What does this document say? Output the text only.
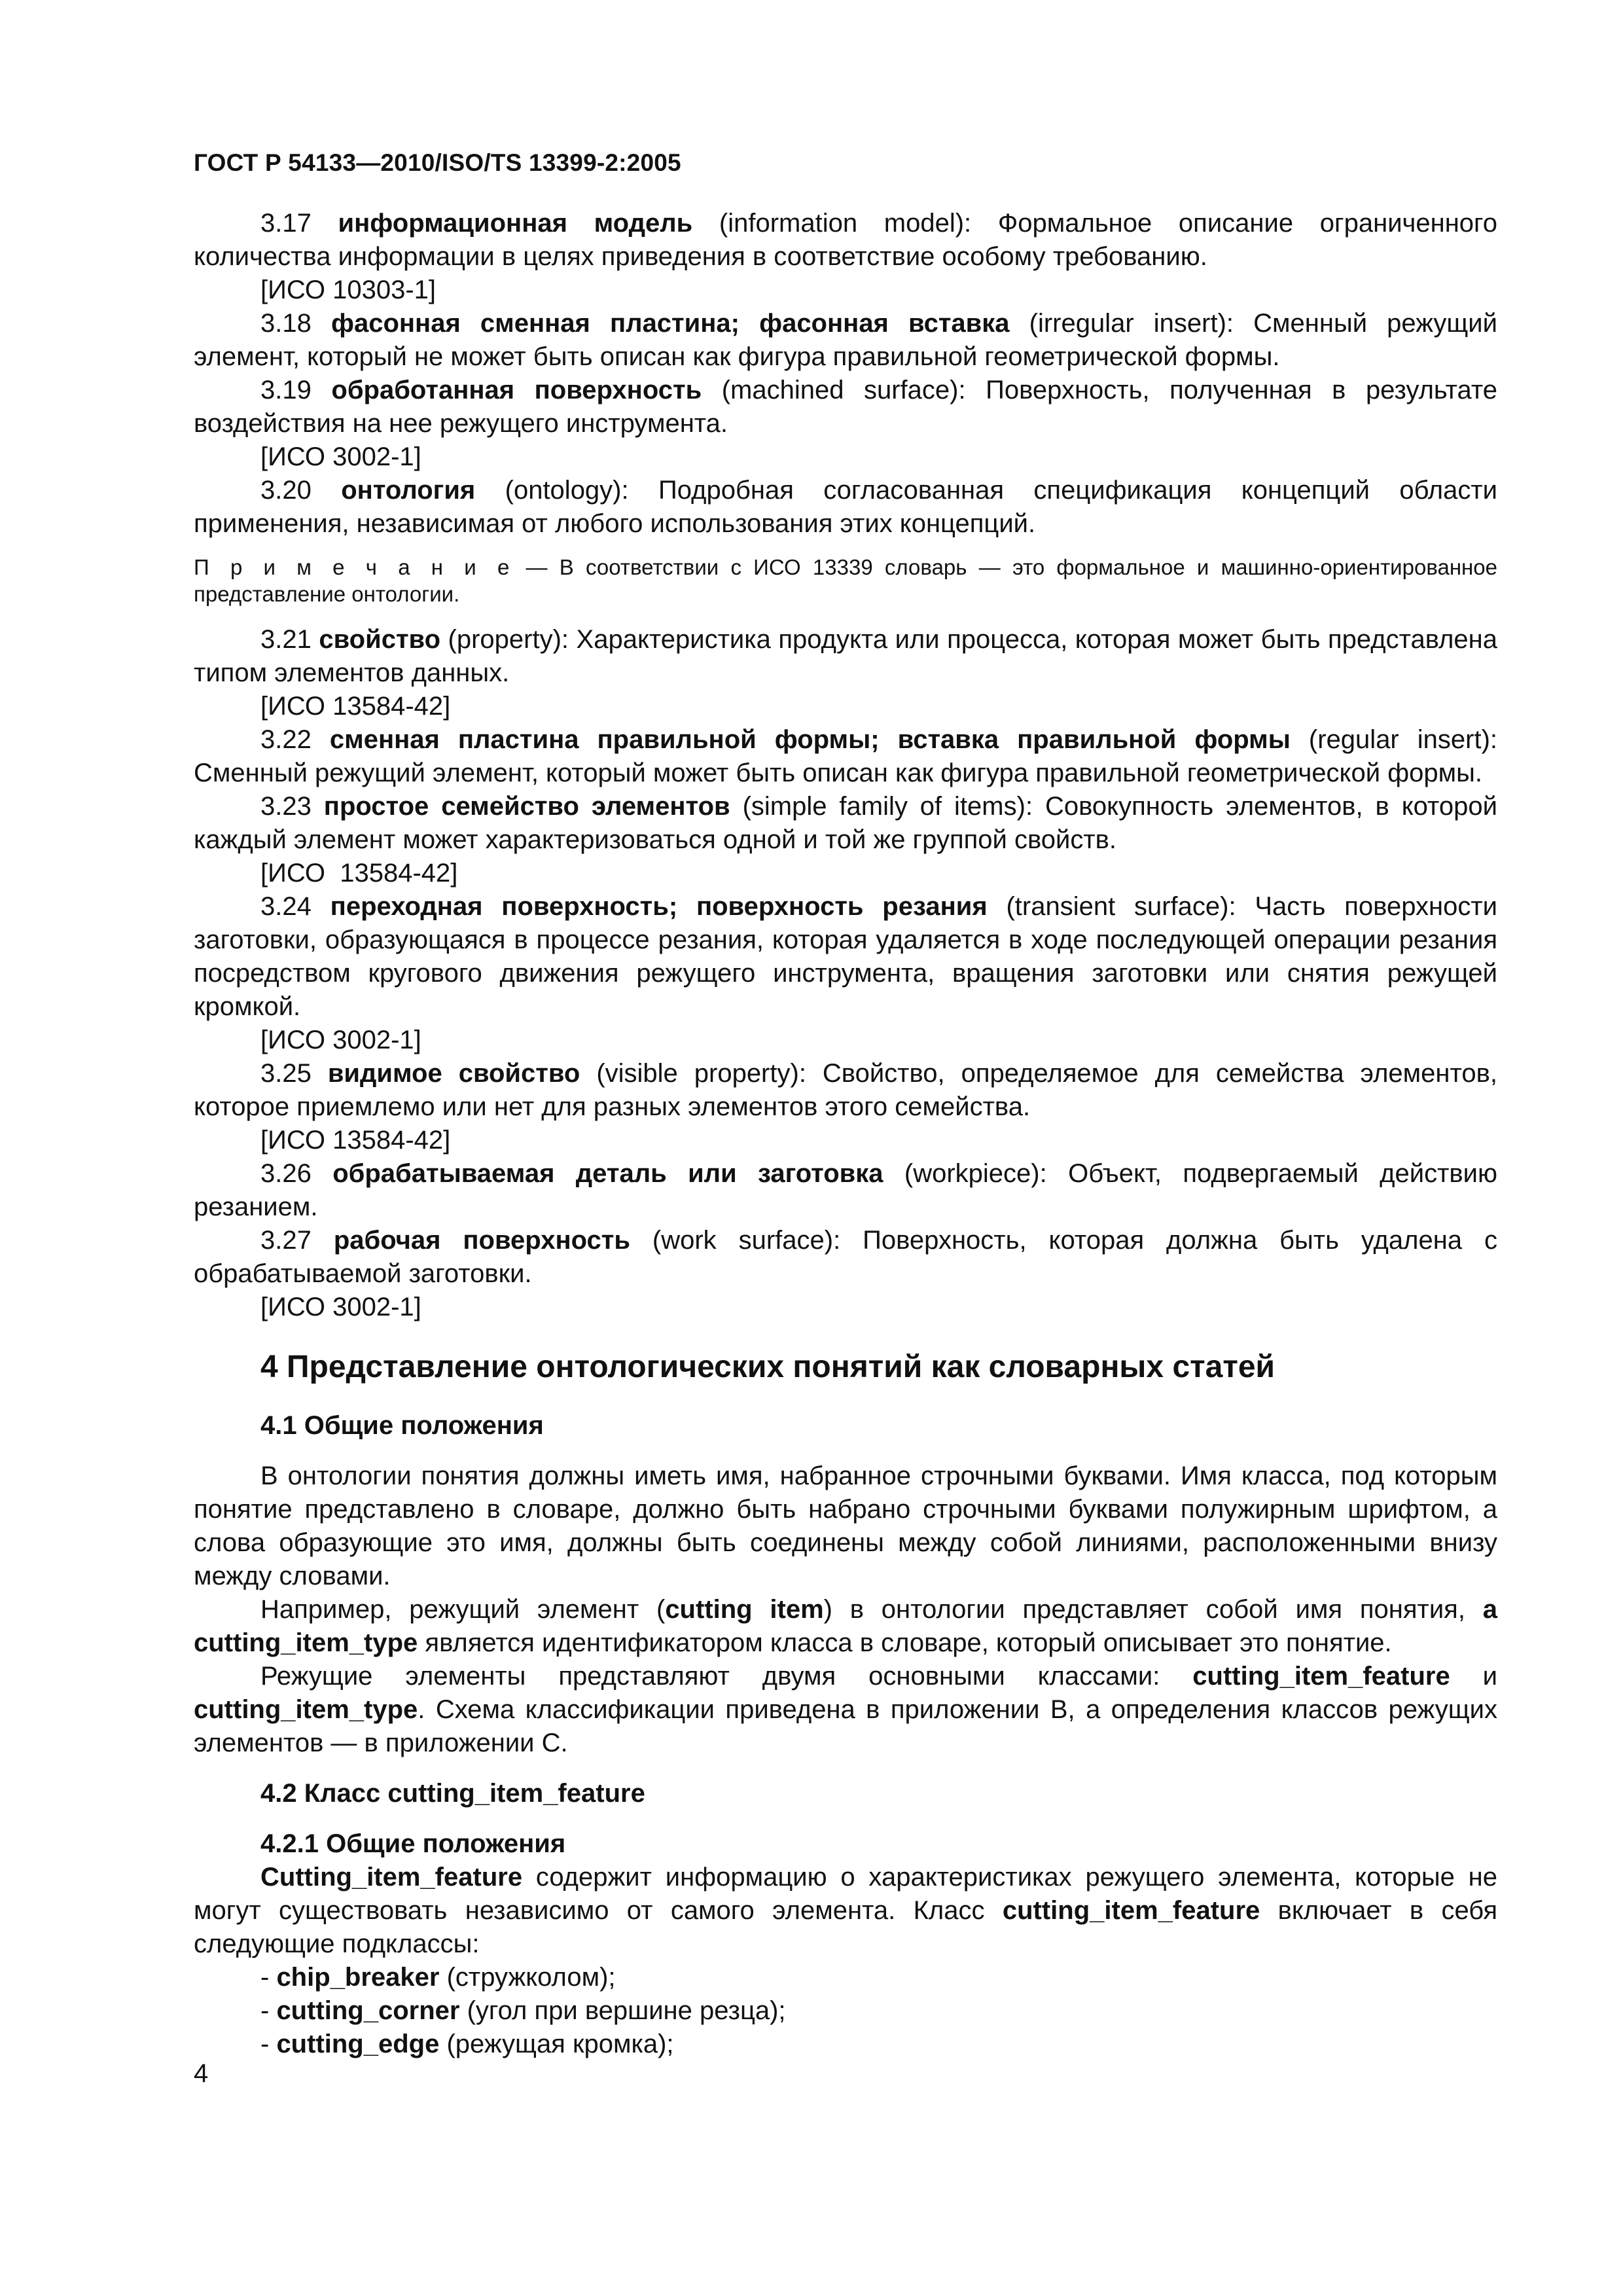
ГОСТ Р 54133—2010/ISO/TS 13399-2:2005

3.17 информационная модель (information model): Формальное описание ограниченного количества информации в целях приведения в соответствие особому требованию.

[ИСО 10303-1]

3.18 фасонная сменная пластина; фасонная вставка (irregular insert): Сменный режущий элемент, который не может быть описан как фигура правильной геометрической формы.

3.19 обработанная поверхность (machined surface): Поверхность, полученная в результате воздействия на нее режущего инструмента.

[ИСО 3002-1]

3.20 онтология (ontology): Подробная согласованная спецификация концепций области применения, независимая от любого использования этих концепций.

П р и м е ч а н и е — В соответствии с ИСО 13339 словарь — это формальное и машинно-ориентированное представление онтологии.

3.21 свойство (property): Характеристика продукта или процесса, которая может быть представлена типом элементов данных.

[ИСО 13584-42]

3.22 сменная пластина правильной формы; вставка правильной формы (regular insert): Сменный режущий элемент, который может быть описан как фигура правильной геометрической формы.

3.23 простое семейство элементов (simple family of items): Совокупность элементов, в которой каждый элемент может характеризоваться одной и той же группой свойств.

[ИСО  13584-42]

3.24 переходная поверхность; поверхность резания (transient surface): Часть поверхности заготовки, образующаяся в процессе резания, которая удаляется в ходе последующей операции резания посредством кругового движения режущего инструмента, вращения заготовки или снятия режущей кромкой.

[ИСО 3002-1]

3.25 видимое свойство (visible property): Свойство, определяемое для семейства элементов, которое приемлемо или нет для разных элементов этого семейства.

[ИСО 13584-42]

3.26 обрабатываемая деталь или заготовка (workpiece): Объект, подвергаемый действию резанием.

3.27 рабочая поверхность (work surface): Поверхность, которая должна быть удалена с обрабатываемой заготовки.

[ИСО 3002-1]

4 Представление онтологических понятий как словарных статей

4.1 Общие положения

В онтологии понятия должны иметь имя, набранное строчными буквами. Имя класса, под которым понятие представлено в словаре, должно быть набрано строчными буквами полужирным шрифтом, а слова образующие это имя, должны быть соединены между собой линиями, расположенными внизу между словами.

Например, режущий элемент (cutting item) в онтологии представляет собой имя понятия, a cutting_item_type является идентификатором класса в словаре, который описывает это понятие.

Режущие элементы представляют двумя основными классами: cutting_item_feature и cutting_item_type. Схема классификации приведена в приложении В, а определения классов режущих элементов — в приложении С.

4.2 Класс cutting_item_feature

4.2.1 Общие положения

Cutting_item_feature содержит информацию о характеристиках режущего элемента, которые не могут существовать независимо от самого элемента. Класс cutting_item_feature включает в себя следующие подклассы:

- chip_breaker (стружколом);

- cutting_corner (угол при вершине резца);

- cutting_edge (режущая кромка);

4
